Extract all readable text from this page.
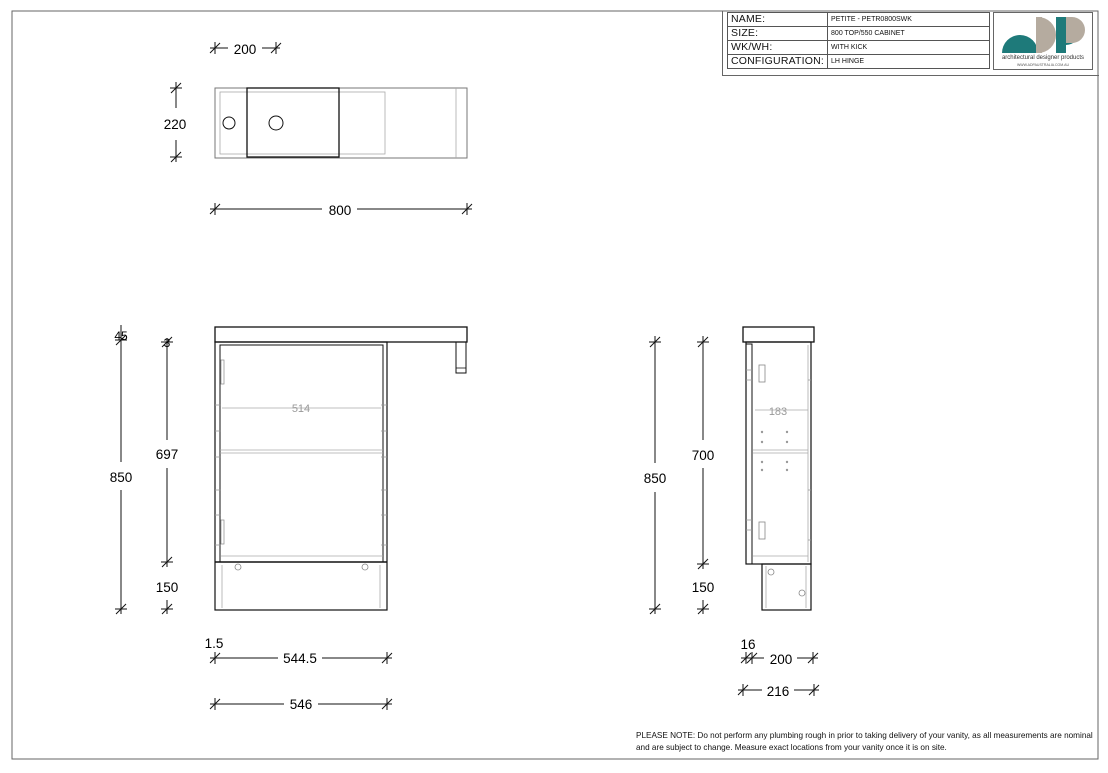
NAME:	PETITE - PETR0800SWK
SIZE:	800 TOP/550 CABINET
WK/WH:	WITH KICK
CONFIGURATION:	LH HINGE	architectural designer products
WWW.ADPAUSTRALIA.COM.AU
200
220
800
514
45	3
850
697
150
1.5
544.5
546
183
850
700
150
16
200
216
PLEASE NOTE: Do not perform any plumbing rough in prior to taking delivery of your vanity, as all measurements are nominal and are subject to change. Measure exact locations from your vanity once it is on site.
